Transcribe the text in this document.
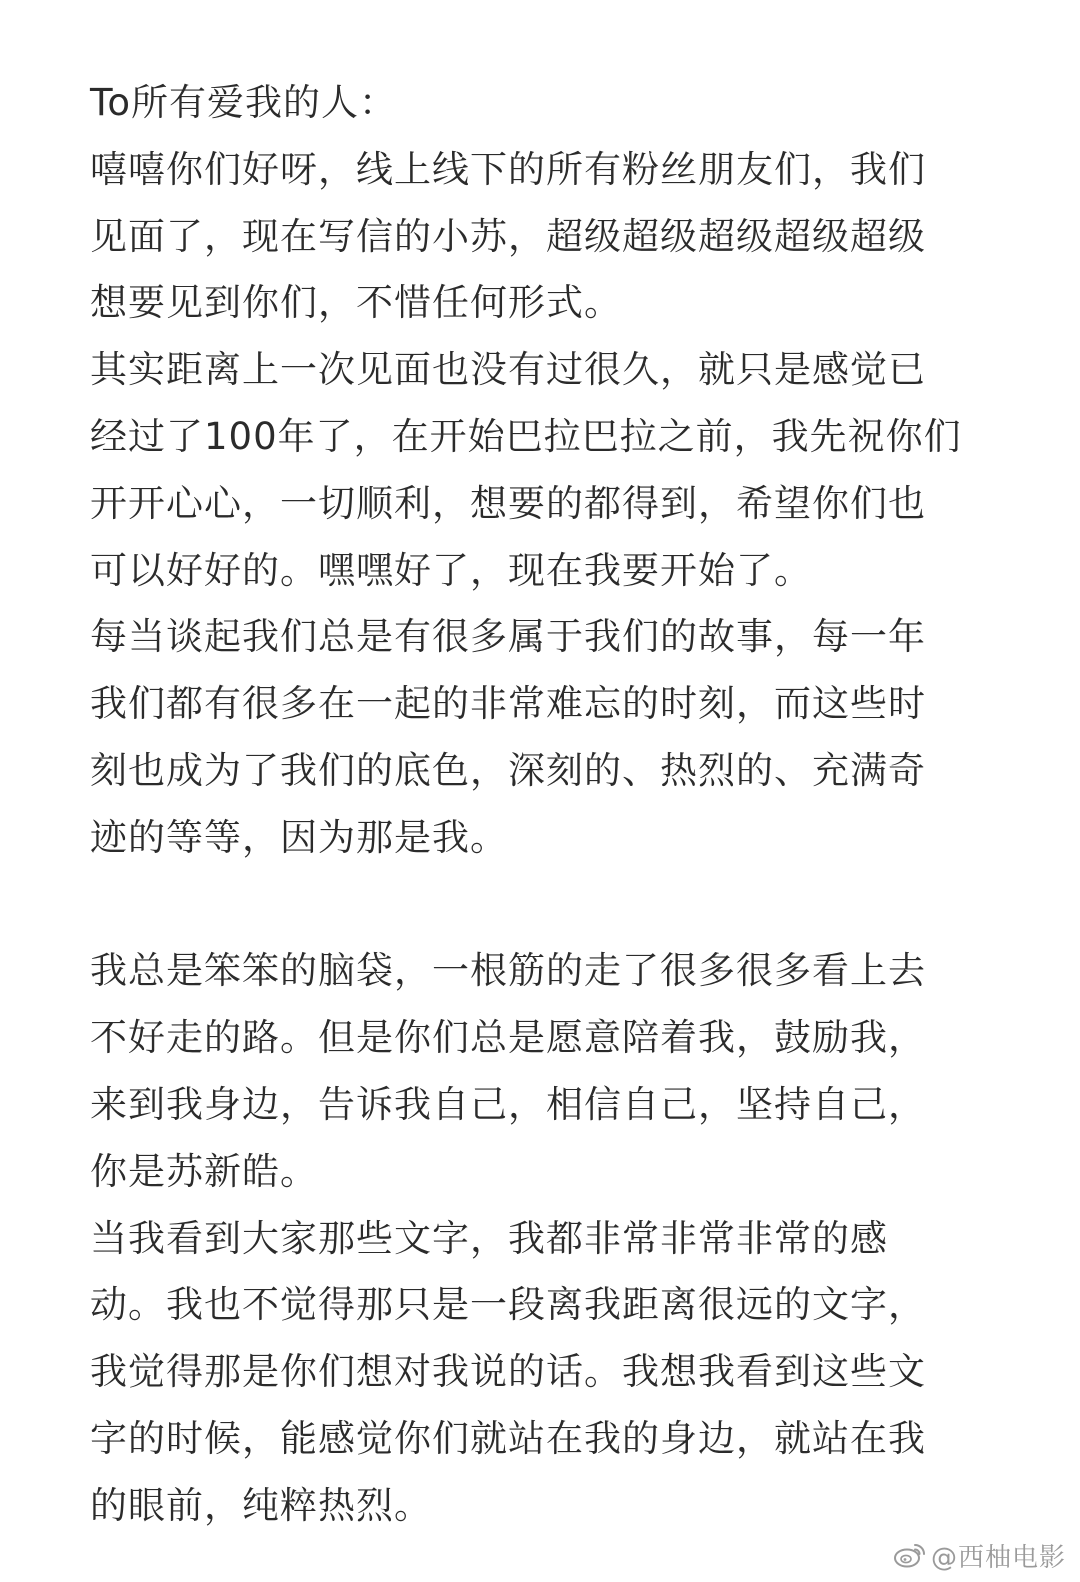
To所有爱我的人：
嘻嘻你们好呀，线上线下的所有粉丝朋友们，我们
见面了，现在写信的小苏，超级超级超级超级超级
想要见到你们，不惜任何形式。
其实距离上一次见面也没有过很久，就只是感觉已
经过了100年了，在开始巴拉巴拉之前，我先祝你们
开开心心，一切顺利，想要的都得到，希望你们也
可以好好的。嘿嘿好了，现在我要开始了。
每当谈起我们总是有很多属于我们的故事，每一年
我们都有很多在一起的非常难忘的时刻，而这些时
刻也成为了我们的底色，深刻的、热烈的、充满奇
迹的等等，因为那是我。
我总是笨笨的脑袋，一根筋的走了很多很多看上去
不好走的路。但是你们总是愿意陪着我，鼓励我，
来到我身边，告诉我自己，相信自己，坚持自己，
你是苏新皓。
当我看到大家那些文字，我都非常非常非常的感
动。我也不觉得那只是一段离我距离很远的文字，
我觉得那是你们想对我说的话。我想我看到这些文
字的时候，能感觉你们就站在我的身边，就站在我
的眼前，纯粹热烈。
@西柚电影
